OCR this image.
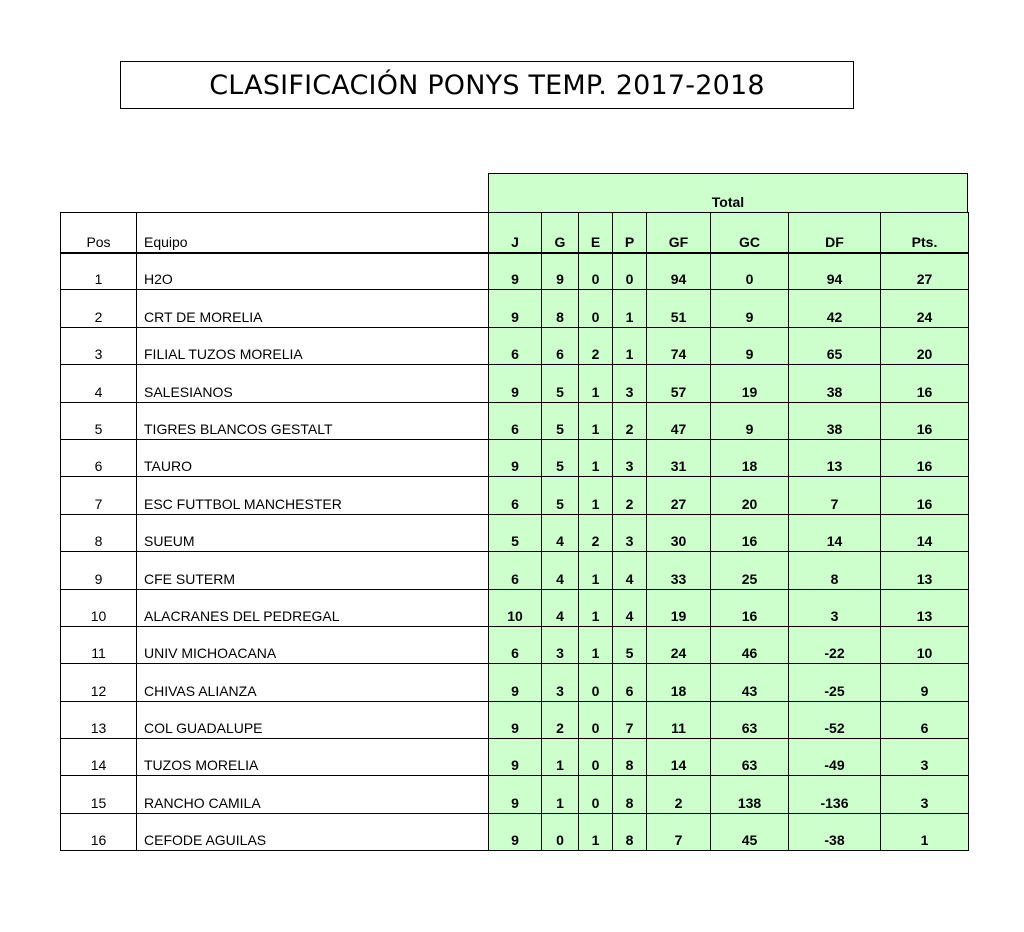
CLASIFICACIÓN PONYS TEMP. 2017-2018
Total
Pos	Equipo	J	G	E	P	GF	GC	DF	Pts.
1	H2O	9	9	0	0	94	0	94	27
2	CRT DE MORELIA	9	8	0	1	51	9	42	24
3	FILIAL TUZOS MORELIA	6	6	2	1	74	9	65	20
4	SALESIANOS	9	5	1	3	57	19	38	16
5	TIGRES BLANCOS GESTALT	6	5	1	2	47	9	38	16
6	TAURO	9	5	1	3	31	18	13	16
7	ESC FUTTBOL MANCHESTER	6	5	1	2	27	20	7	16
8	SUEUM	5	4	2	3	30	16	14	14
9	CFE SUTERM	6	4	1	4	33	25	8	13
10	ALACRANES DEL PEDREGAL	10	4	1	4	19	16	3	13
11	UNIV MICHOACANA	6	3	1	5	24	46	-22	10
12	CHIVAS ALIANZA	9	3	0	6	18	43	-25	9
13	COL GUADALUPE	9	2	0	7	11	63	-52	6
14	TUZOS MORELIA	9	1	0	8	14	63	-49	3
15	RANCHO CAMILA	9	1	0	8	2	138	-136	3
16	CEFODE AGUILAS	9	0	1	8	7	45	-38	1
